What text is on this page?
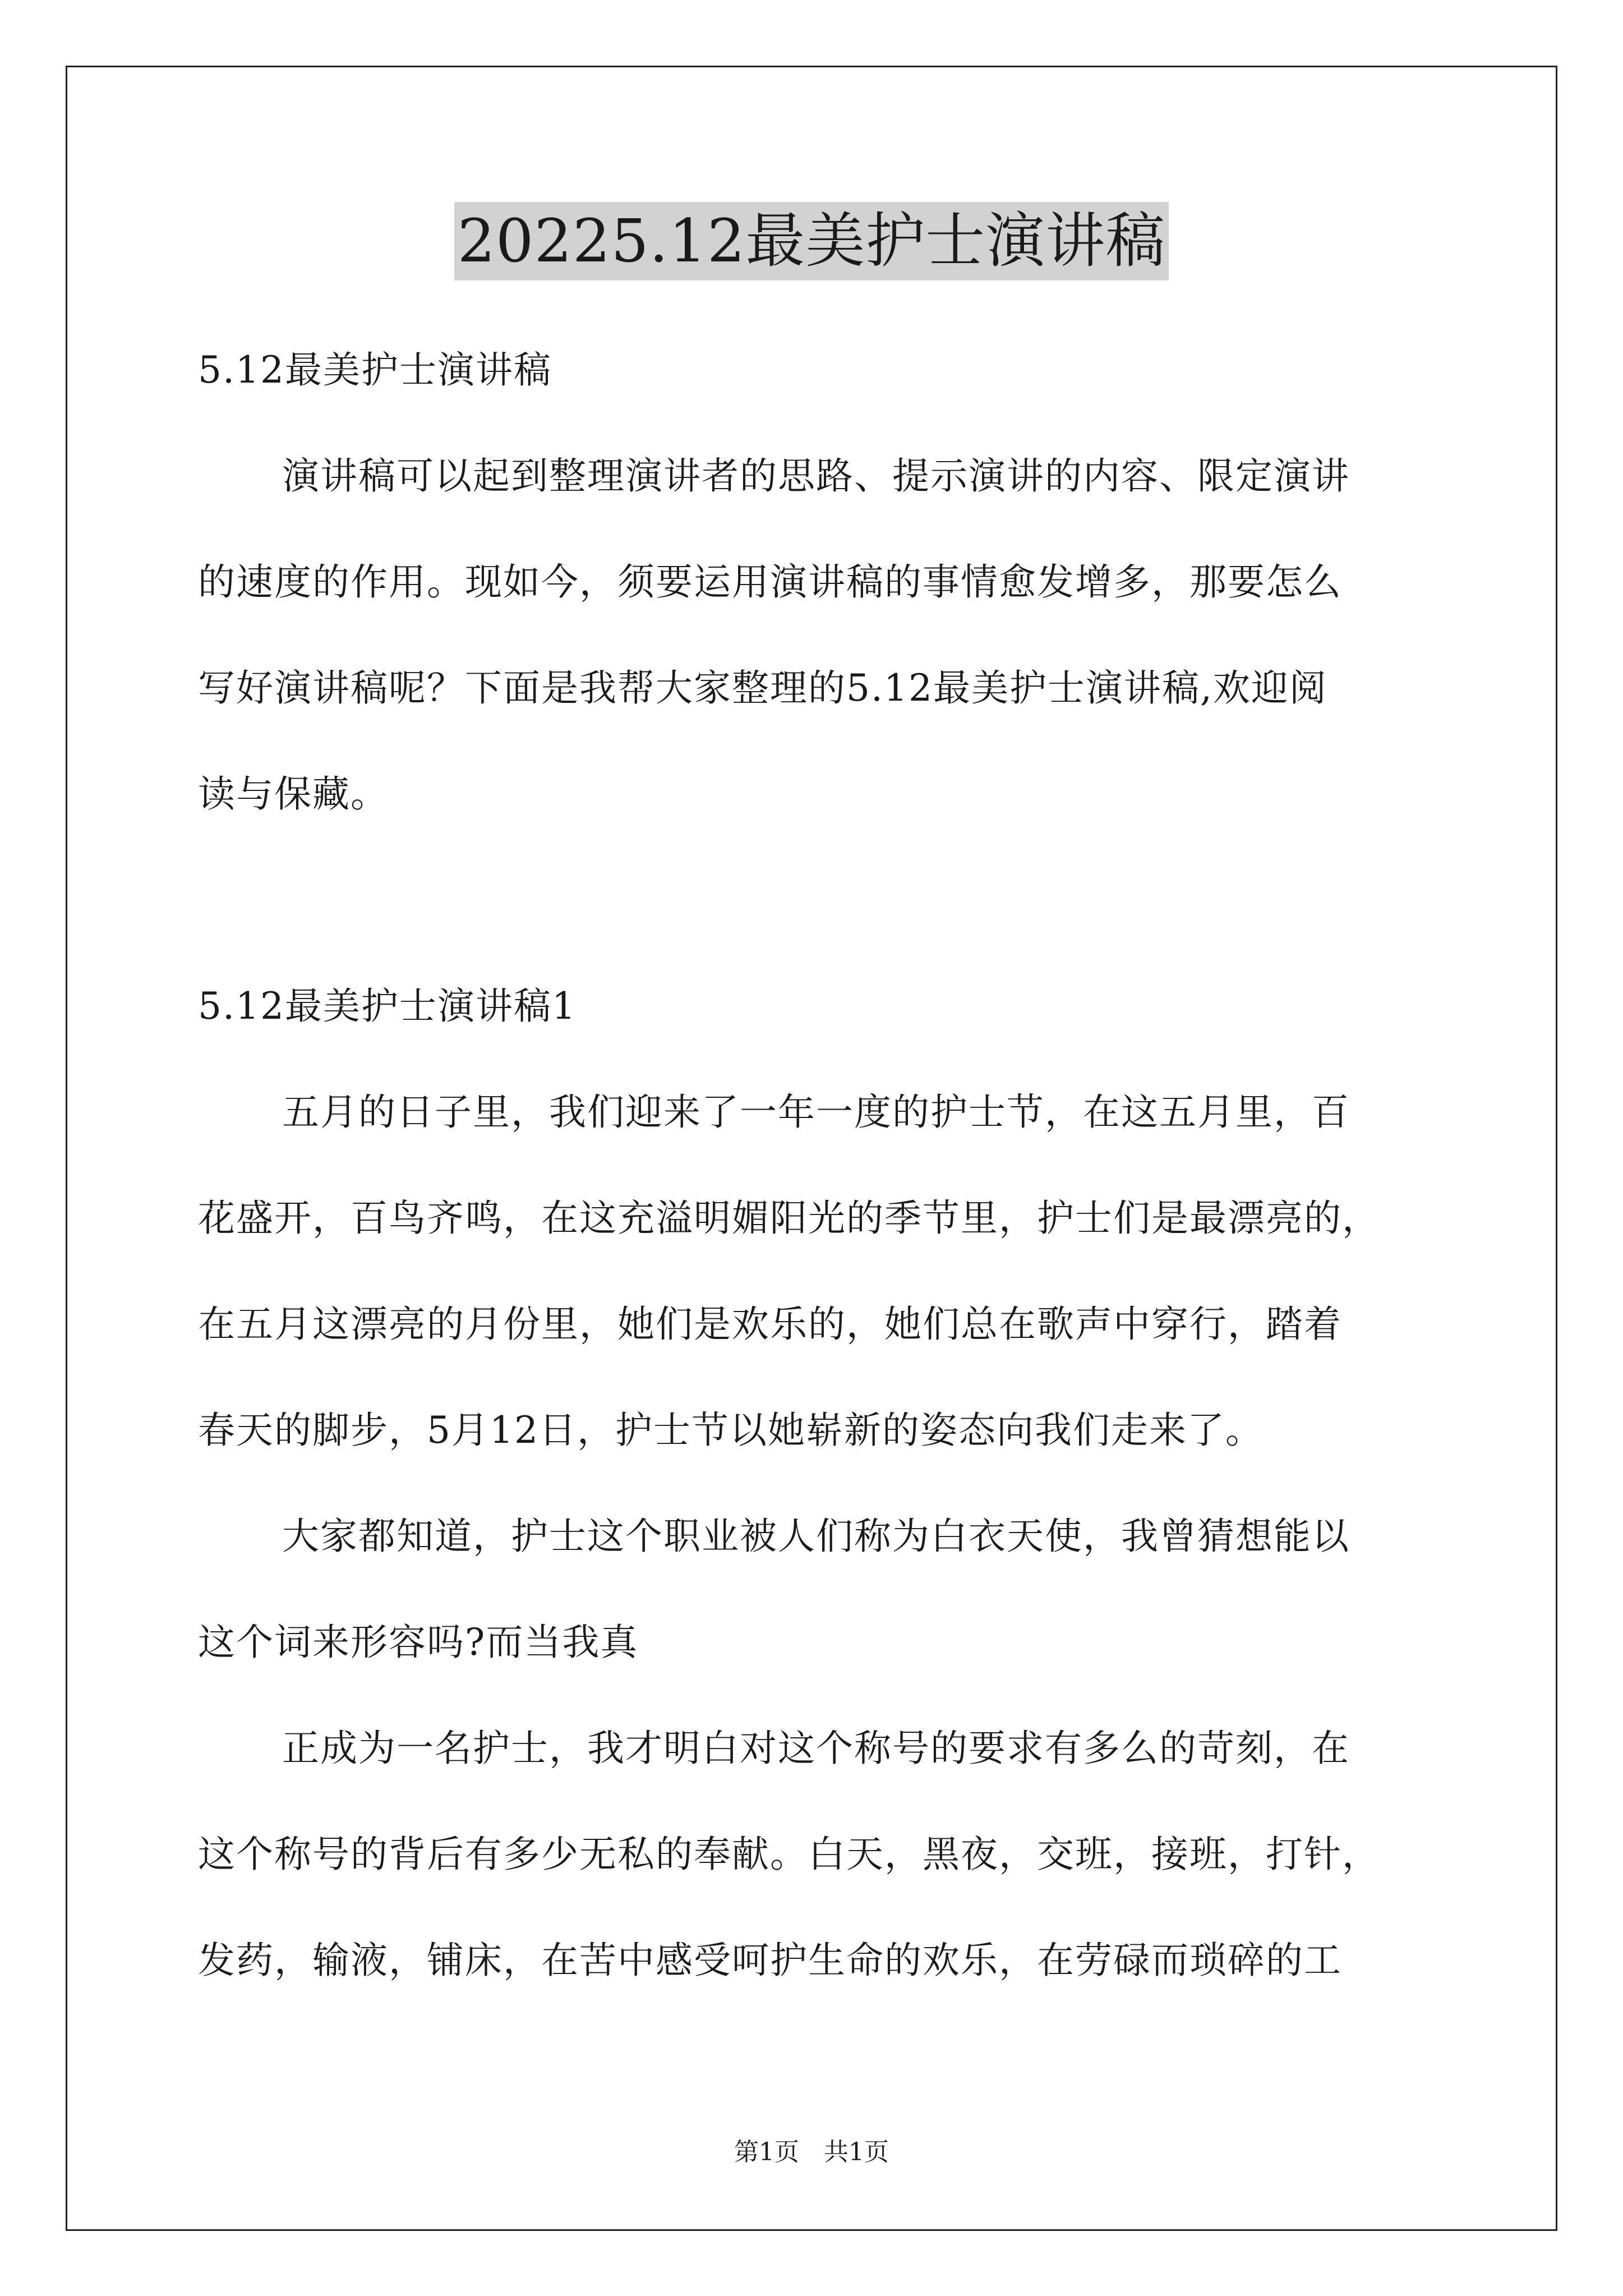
20225.12最美护士演讲稿
5.12最美护士演讲稿
演讲稿可以起到整理演讲者的思路、提示演讲的内容、限定演讲
的速度的作用。现如今，须要运用演讲稿的事情愈发增多，那要怎么
写好演讲稿呢？下面是我帮大家整理的5.12最美护士演讲稿,欢迎阅
读与保藏。
5.12最美护士演讲稿1
五月的日子里，我们迎来了一年一度的护士节，在这五月里，百
花盛开，百鸟齐鸣，在这充溢明媚阳光的季节里，护士们是最漂亮的，
在五月这漂亮的月份里，她们是欢乐的，她们总在歌声中穿行，踏着
春天的脚步，5月12日，护士节以她崭新的姿态向我们走来了。
大家都知道，护士这个职业被人们称为白衣天使，我曾猜想能以
这个词来形容吗?而当我真
正成为一名护士，我才明白对这个称号的要求有多么的苛刻，在
这个称号的背后有多少无私的奉献。白天，黑夜，交班，接班，打针，
发药，输液，铺床，在苦中感受呵护生命的欢乐，在劳碌而琐碎的工
第1页　共1页
